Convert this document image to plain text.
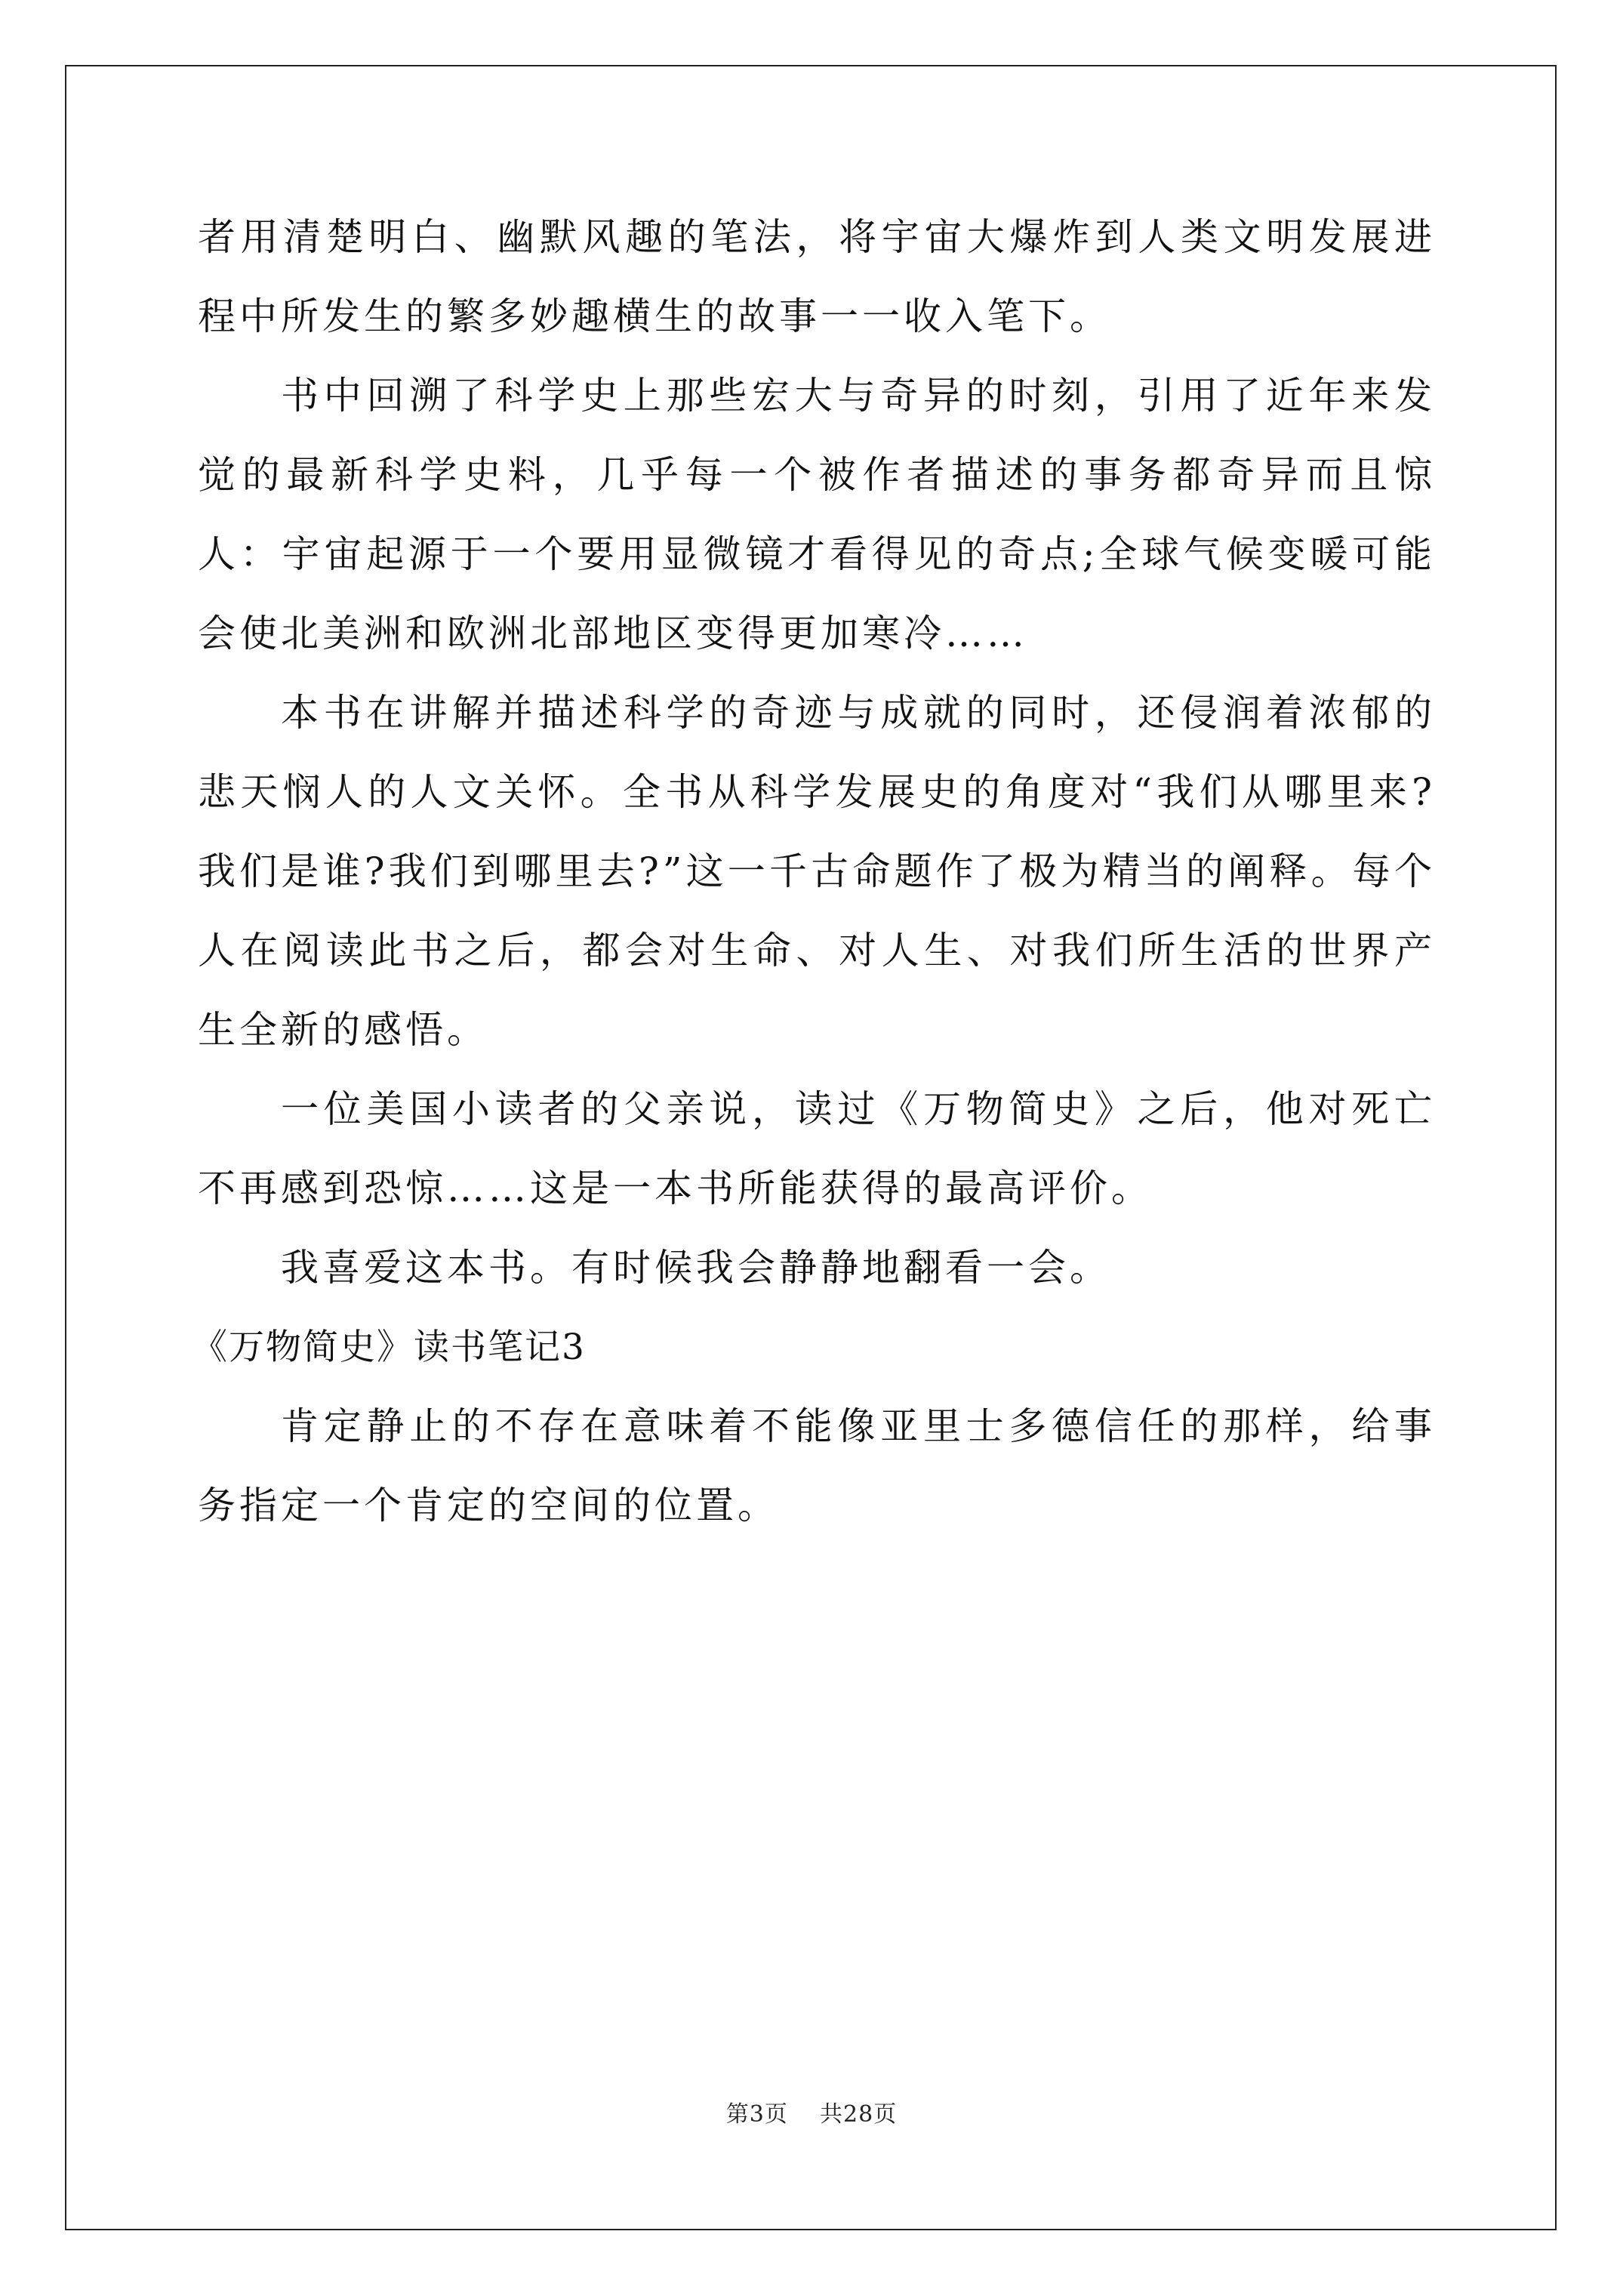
者用清楚明白、幽默风趣的笔法，将宇宙大爆炸到人类文明发展进程中所发生的繁多妙趣横生的故事一一收入笔下。

书中回溯了科学史上那些宏大与奇异的时刻，引用了近年来发觉的最新科学史料，几乎每一个被作者描述的事务都奇异而且惊人：宇宙起源于一个要用显微镜才看得见的奇点;全球气候变暖可能会使北美洲和欧洲北部地区变得更加寒冷……

本书在讲解并描述科学的奇迹与成就的同时，还侵润着浓郁的悲天悯人的人文关怀。全书从科学发展史的角度对“我们从哪里来?我们是谁?我们到哪里去?”这一千古命题作了极为精当的阐释。每个人在阅读此书之后，都会对生命、对人生、对我们所生活的世界产生全新的感悟。

一位美国小读者的父亲说，读过《万物简史》之后，他对死亡不再感到恐惊……这是一本书所能获得的最高评价。

我喜爱这本书。有时候我会静静地翻看一会。

《万物简史》读书笔记3

肯定静止的不存在意味着不能像亚里士多德信任的那样，给事务指定一个肯定的空间的位置。

第3页 共28页
